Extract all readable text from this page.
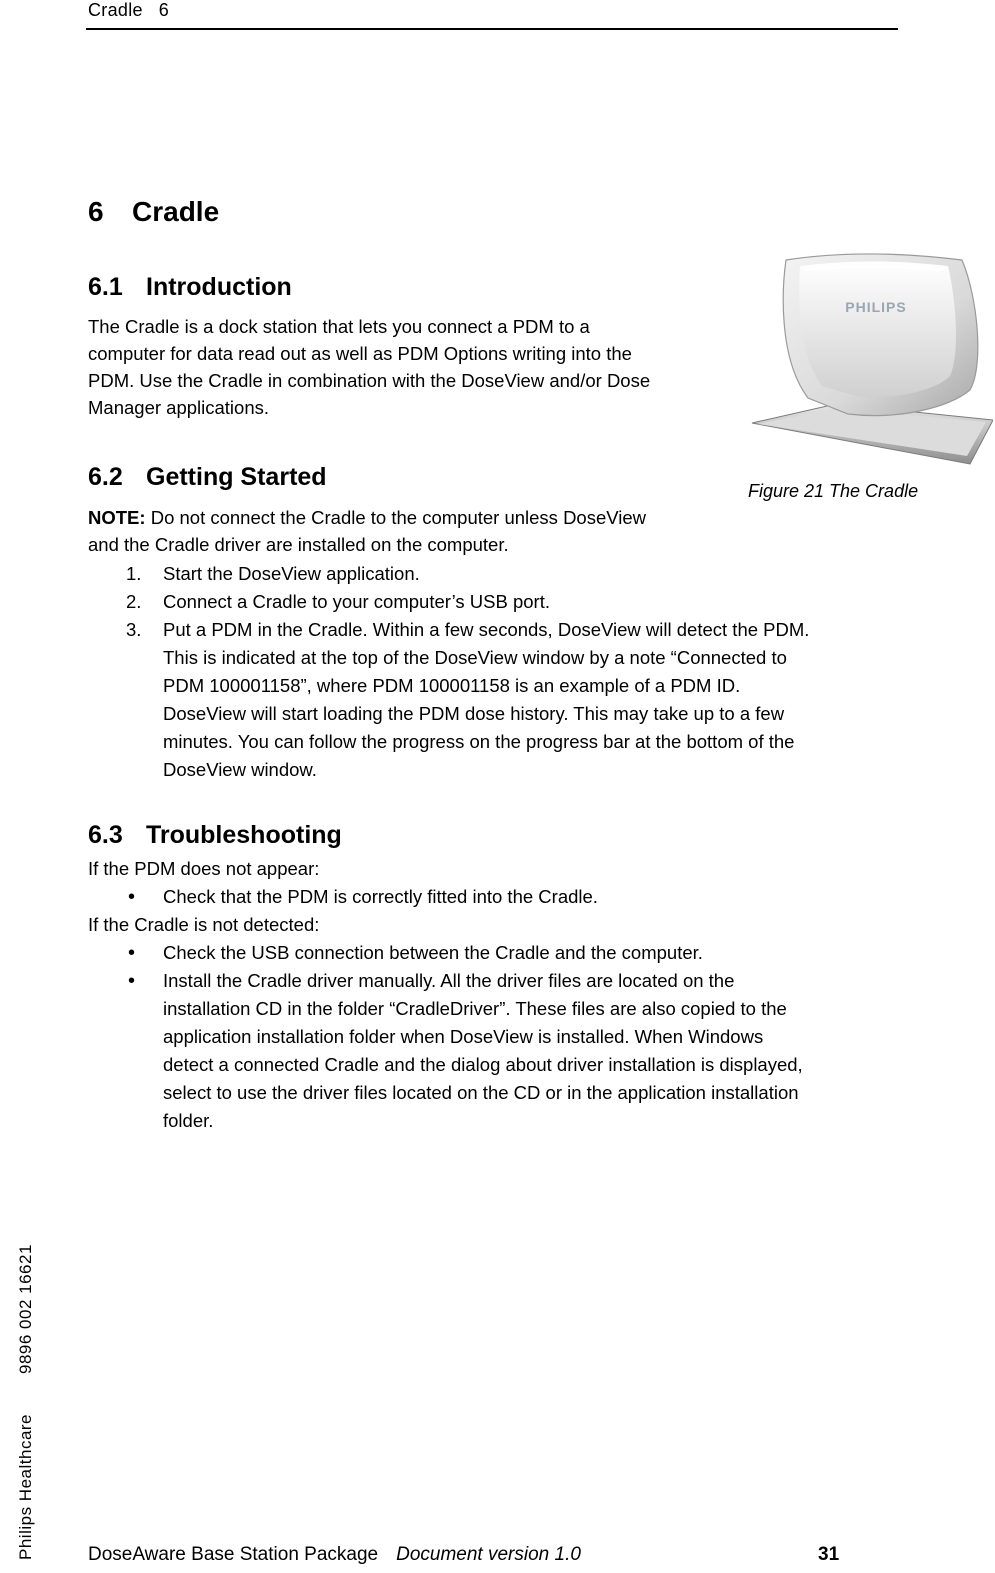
Cradle   6
6 Cradle
6.1 Introduction
The Cradle is a dock station that lets you connect a PDM to a
computer for data read out as well as PDM Options writing into the
PDM. Use the Cradle in combination with the DoseView and/or Dose
Manager applications.
PHILIPS
Figure 21 The Cradle
6.2 Getting Started
NOTE: Do not connect the Cradle to the computer unless DoseView
and the Cradle driver are installed on the computer.
1. Start the DoseView application.
2. Connect a Cradle to your computer’s USB port.
3. Put a PDM in the Cradle. Within a few seconds, DoseView will detect the PDM.
This is indicated at the top of the DoseView window by a note “Connected to
PDM 100001158”, where PDM 100001158 is an example of a PDM ID.
DoseView will start loading the PDM dose history. This may take up to a few
minutes. You can follow the progress on the progress bar at the bottom of the
DoseView window.
6.3 Troubleshooting
If the PDM does not appear:
• Check that the PDM is correctly fitted into the Cradle.
If the Cradle is not detected:
• Check the USB connection between the Cradle and the computer.
• Install the Cradle driver manually. All the driver files are located on the
installation CD in the folder “CradleDriver”. These files are also copied to the
application installation folder when DoseView is installed. When Windows
detect a connected Cradle and the dialog about driver installation is displayed,
select to use the driver files located on the CD or in the application installation
folder.
Philips Healthcare9896 002 16621
DoseAware Base Station Package Document version 1.0	31
